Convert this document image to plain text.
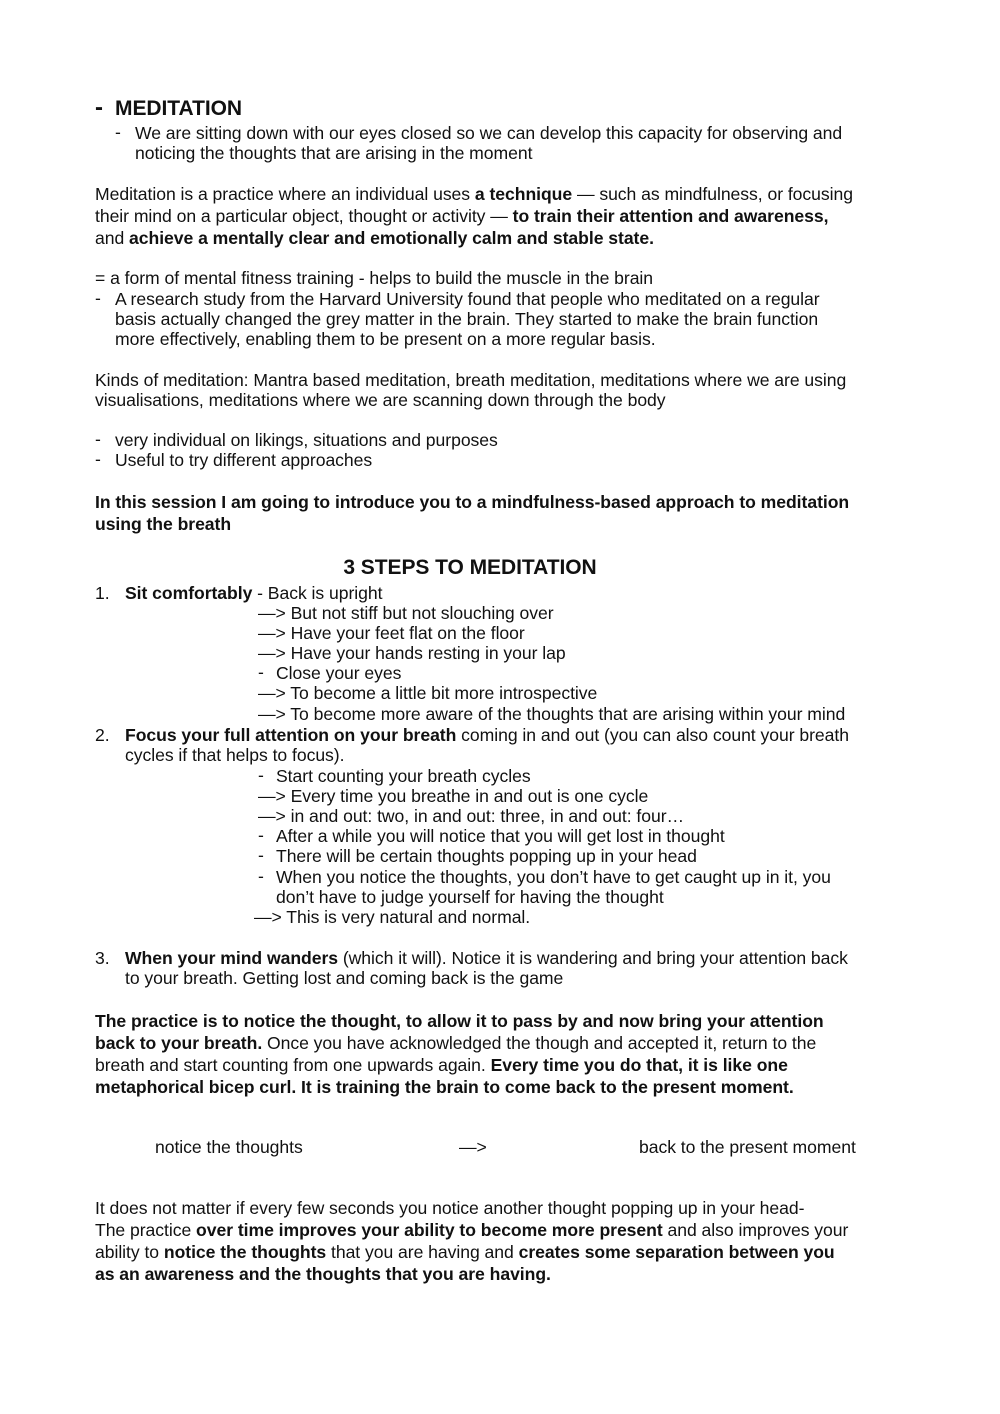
- MEDITATION
- We are sitting down with our eyes closed so we can develop this capacity for observing and
noticing the thoughts that are arising in the moment
Meditation is a practice where an individual uses a technique — such as mindfulness, or focusing
their mind on a particular object, thought or activity — to train their attention and awareness,
and achieve a mentally clear and emotionally calm and stable state.
= a form of mental fitness training - helps to build the muscle in the brain
- A research study from the Harvard University found that people who meditated on a regular
basis actually changed the grey matter in the brain. They started to make the brain function
more effectively, enabling them to be present on a more regular basis.
Kinds of meditation: Mantra based meditation, breath meditation, meditations where we are using
visualisations, meditations where we are scanning down through the body
- very individual on likings, situations and purposes
- Useful to try different approaches
In this session I am going to introduce you to a mindfulness-based approach to meditation
using the breath
3 STEPS TO MEDITATION
1. Sit comfortably - Back is upright
—> But not stiff but not slouching over
—> Have your feet flat on the floor
—> Have your hands resting in your lap
- Close your eyes
—> To become a little bit more introspective
—> To become more aware of the thoughts that are arising within your mind
2. Focus your full attention on your breath coming in and out (you can also count your breath
cycles if that helps to focus).
- Start counting your breath cycles
—> Every time you breathe in and out is one cycle
—> in and out: two, in and out: three, in and out: four…
- After a while you will notice that you will get lost in thought
- There will be certain thoughts popping up in your head
- When you notice the thoughts, you don’t have to get caught up in it, you
don’t have to judge yourself for having the thought
—> This is very natural and normal.
3. When your mind wanders (which it will). Notice it is wandering and bring your attention back
to your breath. Getting lost and coming back is the game
The practice is to notice the thought, to allow it to pass by and now bring your attention
back to your breath. Once you have acknowledged the though and accepted it, return to the
breath and start counting from one upwards again. Every time you do that, it is like one
metaphorical bicep curl. It is training the brain to come back to the present moment.
notice the thoughts	—>	back to the present moment
It does not matter if every few seconds you notice another thought popping up in your head-
The practice over time improves your ability to become more present and also improves your
ability to notice the thoughts that you are having and creates some separation between you
as an awareness and the thoughts that you are having.
